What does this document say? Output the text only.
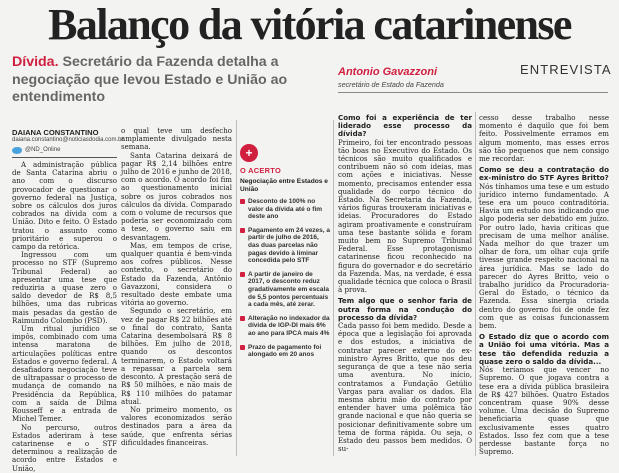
Balanço da vitória catarinense
Dívida. Secretário da Fazenda detalha a negociação que levou Estado e União ao entendimento
DAIANA CONSTANTINO
daiana.constantino@noticiasdodia.com.br
@ND_Online

A administração pública de Santa Catarina abriu o ano com o discurso provocador de questionar o governo federal na Justiça, sobre os cálculos dos juros cobrados na dívida com a União. Dito e feito. O Estado tratou o assunto como prioritário e superou o campo da retórica.

Ingressou com um processo no STF (Supremo Tribunal Federal) ao apresentar uma tese que reduziria a quase zero o saldo devedor de R$ 8,5 bilhões, uma das rubricas mais pesadas da gestão de Raimundo Colombo (PSD).

Um ritual jurídico se impôs, combinado com uma intensa maratona de articulações políticas entre Estados e governo federal. A desafiadora negociação teve de ultrapassar o processo de mudança de comando na Presidência da República, com a saída de Dilma Rousseff e a entrada de Michel Temer.

No percurso, outros Estados aderiram à tese catarinense e o STF determinou a realização de acordo entre Estados e União,

o qual teve um desfecho amplamente divulgado nesta semana.

Santa Catarina deixará de pagar R$ 2,14 bilhões entre julho de 2016 e junho de 2018, com o acordo. O acordo foi fim ao questionamento inicial sobre os juros cobrados nos cálculos da dívida. Comparado com o volume de recursos que poderia ser economizado com a tese, o governo saiu em desvantagem.

Mas, em tempos de crise, qualquer quantia é bem-vinda aos cofres públicos. Nesse contexto, o secretário do Estado da Fazenda, Antônio Gavazzoni, considera o resultado deste embate uma vitória ao governo.

Segundo o secretário, em vez de pagar R$ 22 bilhões até o final do contrato, Santa Catarina desembolsará R$ 8 bilhões. Em julho de 2018, quando os descontos terminarem, o Estado voltará a repassar a parcela sem desconto. A prestação será de R$ 50 milhões, e não mais de R$ 110 milhões do patamar atual.

No primeiro momento, os valores economizados serão destinados para a área da saúde, que enfrenta sérias dificuldades financeiras.

+
O ACERTO
Negociação entre Estados e União
Desconto de 100% no valor da dívida até o fim deste ano
Pagamento em 24 vezes, a partir de julho de 2016, das duas parcelas não pagas devido à liminar concedida pelo STF
A partir de janeiro de 2017, o desconto reduz gradativamente em escala de 5,5 pontos percentuais a cada mês, até zerar.
Alteração no indexador da dívida de IGP-DI mais 6% ao ano para IPCA mais 4%
Prazo de pagamento foi alongado em 20 anos
Antonio Gavazzoni
secretário de Estado da Fazenda
ENTREVISTA

Como foi a experiência de ter liderado esse processo da dívida?

Primeiro, foi ter encontrado pessoas tão boas no Executivo do Estado. Os técnicos são muito qualificados e contribuem não só com ideias, mas com ações e iniciativas. Nesse momento, precisamos entender essa qualidade do corpo técnico do Estado. Na Secretaria da Fazenda, vários figuras trouxeram iniciativas e ideias. Procuradores do Estado agiram proativamente e construíram uma tese bastante sólida e foram muito bem no Supremo Tribunal Federal. Esse protagonismo catarinense ficou reconhecido na figura do governador e do secretário da Fazenda. Mas, na verdade, é essa qualidade técnica que coloca o Brasil à prova.

Tem algo que o senhor faria de outra forma na condução do processo da dívida?

Cada passo foi bem medido. Desde a época que a legislação foi aprovada e dos estudos, a iniciativa de contratar parecer externo do ex-ministro Ayres Britto, que nos deu segurança de que a tese não seria uma aventura. No início, contratamos a Fundação Getúlio Vargas para avaliar os dados. Ela mesma abriu mão do contrato por entender haver uma polêmica tão grande nacional e que não queria se posicionar definitivamente sobre um tema de forma rápida. Ou seja, o Estado deu passos bem medidos. O su-

cesso desse trabalho nesse momento é daquilo que foi bem feito. Possivelmente erramos em algum momento, mas esses erros são tão pequenos que nem consigo me recordar.

Como se deu a contratação do ex-ministro do STF Ayres Britto?

Nós tínhamos uma tese e um estudo jurídico interno fundamentado. A tese era um pouco contraditória. Havia um estudo nos indicando que algo poderia ser debatido em juízo. Por outro lado, havia críticas que precisam de uma melhor análise. Nada melhor do que trazer um olhar de fora, um olhar cuja grife tivesse grande respeito nacional na área jurídica. Mas se lado do parecer do Ayres Britto, veio o trabalho jurídico da Procuradoria-Geral do Estado, o técnico da Fazenda. Essa sinergia criada dentro do governo foi de onde fez com que as coisas funcionassem bem.

O Estado diz que o acordo com a União foi uma vitória. Mas a tese tão defendida reduzia a quase zero o saldo da dívida...

Nós teríamos que vencer no Supremo. O que jogava contra a tese era a dívida pública brasileira de R$ 427 bilhões. Quatro Estados concentram quase 90% desse volume. Uma decisão do Supremo beneficiaria quase que exclusivamente esses quatro Estados. Isso fez com que a tese perdesse bastante força no Supremo.
